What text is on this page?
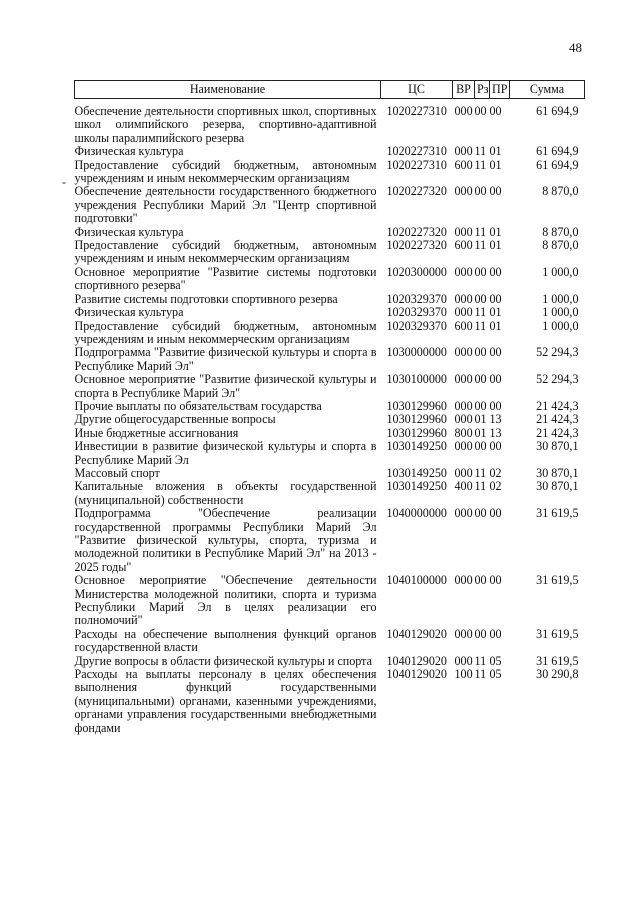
48
-
Наименование	ЦС	ВР	Рз	ПР	Сумма
Обеспечение деятельности спортивных школ, спортивных школ олимпийского резерва, спортивно-адаптивной школы паралимпийского резерва	1020227310	000	00	00	61 694,9
Физическая культура	1020227310	000	11	01	61 694,9
Предоставление субсидий бюджетным, автономным учреждениям и иным некоммерческим организациям	1020227310	600	11	01	61 694,9
Обеспечение деятельности государственного бюджетного учреждения Республики Марий Эл "Центр спортивной подготовки"	1020227320	000	00	00	8 870,0
Физическая культура	1020227320	000	11	01	8 870,0
Предоставление субсидий бюджетным, автономным учреждениям и иным некоммерческим организациям	1020227320	600	11	01	8 870,0
Основное мероприятие "Развитие системы подготовки спортивного резерва"	1020300000	000	00	00	1 000,0
Развитие системы подготовки спортивного резерва	1020329370	000	00	00	1 000,0
Физическая культура	1020329370	000	11	01	1 000,0
Предоставление субсидий бюджетным, автономным учреждениям и иным некоммерческим организациям	1020329370	600	11	01	1 000,0
Подпрограмма "Развитие физической культуры и спорта в Республике Марий Эл"	1030000000	000	00	00	52 294,3
Основное мероприятие "Развитие физической культуры и спорта в Республике Марий Эл"	1030100000	000	00	00	52 294,3
Прочие выплаты по обязательствам государства	1030129960	000	00	00	21 424,3
Другие общегосударственные вопросы	1030129960	000	01	13	21 424,3
Иные бюджетные ассигнования	1030129960	800	01	13	21 424,3
Инвестиции в развитие физической культуры и спорта в Республике Марий Эл	1030149250	000	00	00	30 870,1
Массовый спорт	1030149250	000	11	02	30 870,1
Капитальные вложения в объекты государственной (муниципальной) собственности	1030149250	400	11	02	30 870,1
Подпрограмма "Обеспечение реализации государственной программы Республики Марий Эл "Развитие физической культуры, спорта, туризма и молодежной политики в Республике Марий Эл" на 2013 - 2025 годы"	1040000000	000	00	00	31 619,5
Основное мероприятие "Обеспечение деятельности Министерства молодежной политики, спорта и туризма Республики Марий Эл в целях реализации его полномочий"	1040100000	000	00	00	31 619,5
Расходы на обеспечение выполнения функций органов государственной власти	1040129020	000	00	00	31 619,5
Другие вопросы в области физической культуры и спорта	1040129020	000	11	05	31 619,5
Расходы на выплаты персоналу в целях обеспечения выполнения функций государственными (муниципальными) органами, казенными учреждениями, органами управления государственными внебюджетными фондами	1040129020	100	11	05	30 290,8
